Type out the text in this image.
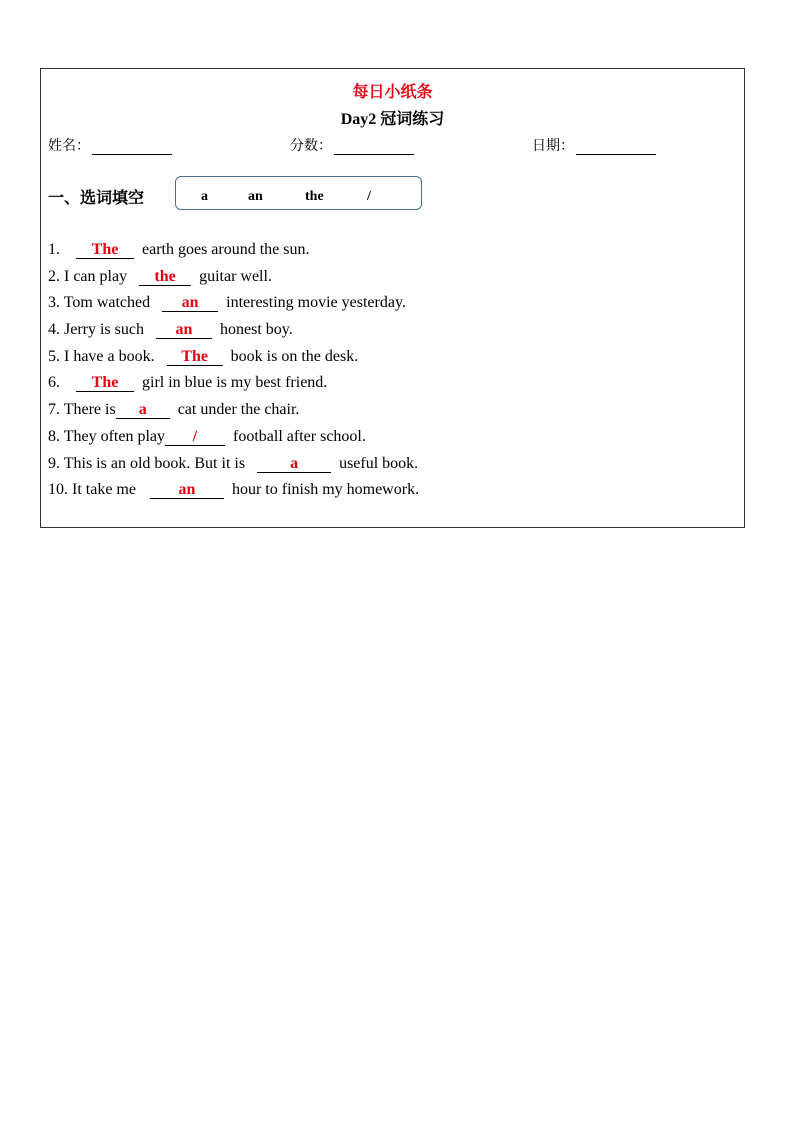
每日小纸条
Day2 冠词练习
姓名：	分数：	日期：
一、选词填空	a	an	the	/
1. The earth goes around the sun.
2. I can play the guitar well.
3. Tom watched an interesting movie yesterday.
4. Jerry is such an honest boy.
5. I have a book. The book is on the desk.
6. The girl in blue is my best friend.
7. There is a cat under the chair.
8. They often play / football after school.
9. This is an old book. But it is	a	useful book.
10. It take me	an hour to finish my homework.
